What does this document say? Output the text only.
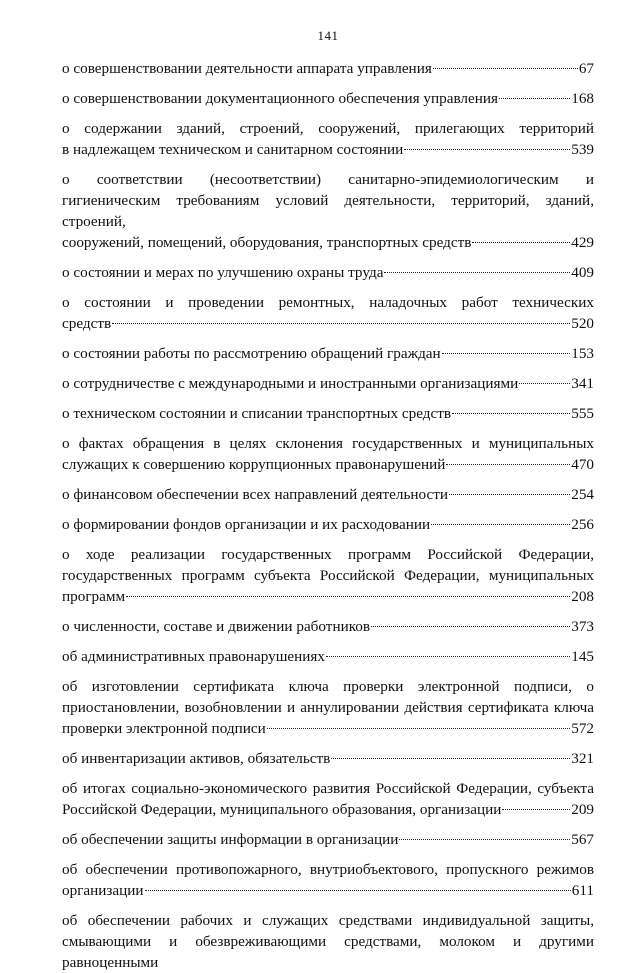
141
о совершенствовании деятельности аппарата управления	67
о совершенствовании документационного обеспечения управления	168
о содержании зданий, строений, сооружений, прилегающих территорий
в надлежащем техническом и санитарном состоянии	539
о соответствии (несоответствии) санитарно-эпидемиологическим и гигиеническим требованиям условий деятельности, территорий, зданий, строений,
сооружений, помещений, оборудования, транспортных средств	429
о состоянии и мерах по улучшению охраны труда	409
о состоянии и проведении ремонтных, наладочных работ технических
средств	520
о состоянии работы по рассмотрению обращений граждан	153
о сотрудничестве с международными и иностранными организациями	341
о техническом состоянии и списании транспортных средств	555
о фактах обращения в целях склонения государственных и муниципальных
служащих к совершению коррупционных правонарушений	470
о финансовом обеспечении всех направлений деятельности	254
о формировании фондов организации и их расходовании	256
о ходе реализации государственных программ Российской Федерации, государственных программ субъекта Российской Федерации, муниципальных
программ	208
о численности, составе и движении работников	373
об административных правонарушениях	145
об изготовлении сертификата ключа проверки электронной подписи, о приостановлении, возобновлении и аннулировании действия сертификата ключа
проверки электронной подписи	572
об инвентаризации активов, обязательств	321
об итогах социально-экономического развития Российской Федерации, субъекта
Российской Федерации, муниципального образования, организации	209
об обеспечении защиты информации в организации	567
об обеспечении противопожарного, внутриобъектового, пропускного режимов
организации	611
об обеспечении рабочих и служащих средствами индивидуальной защиты, смывающими и обезвреживающими средствами, молоком и другими равноценными
